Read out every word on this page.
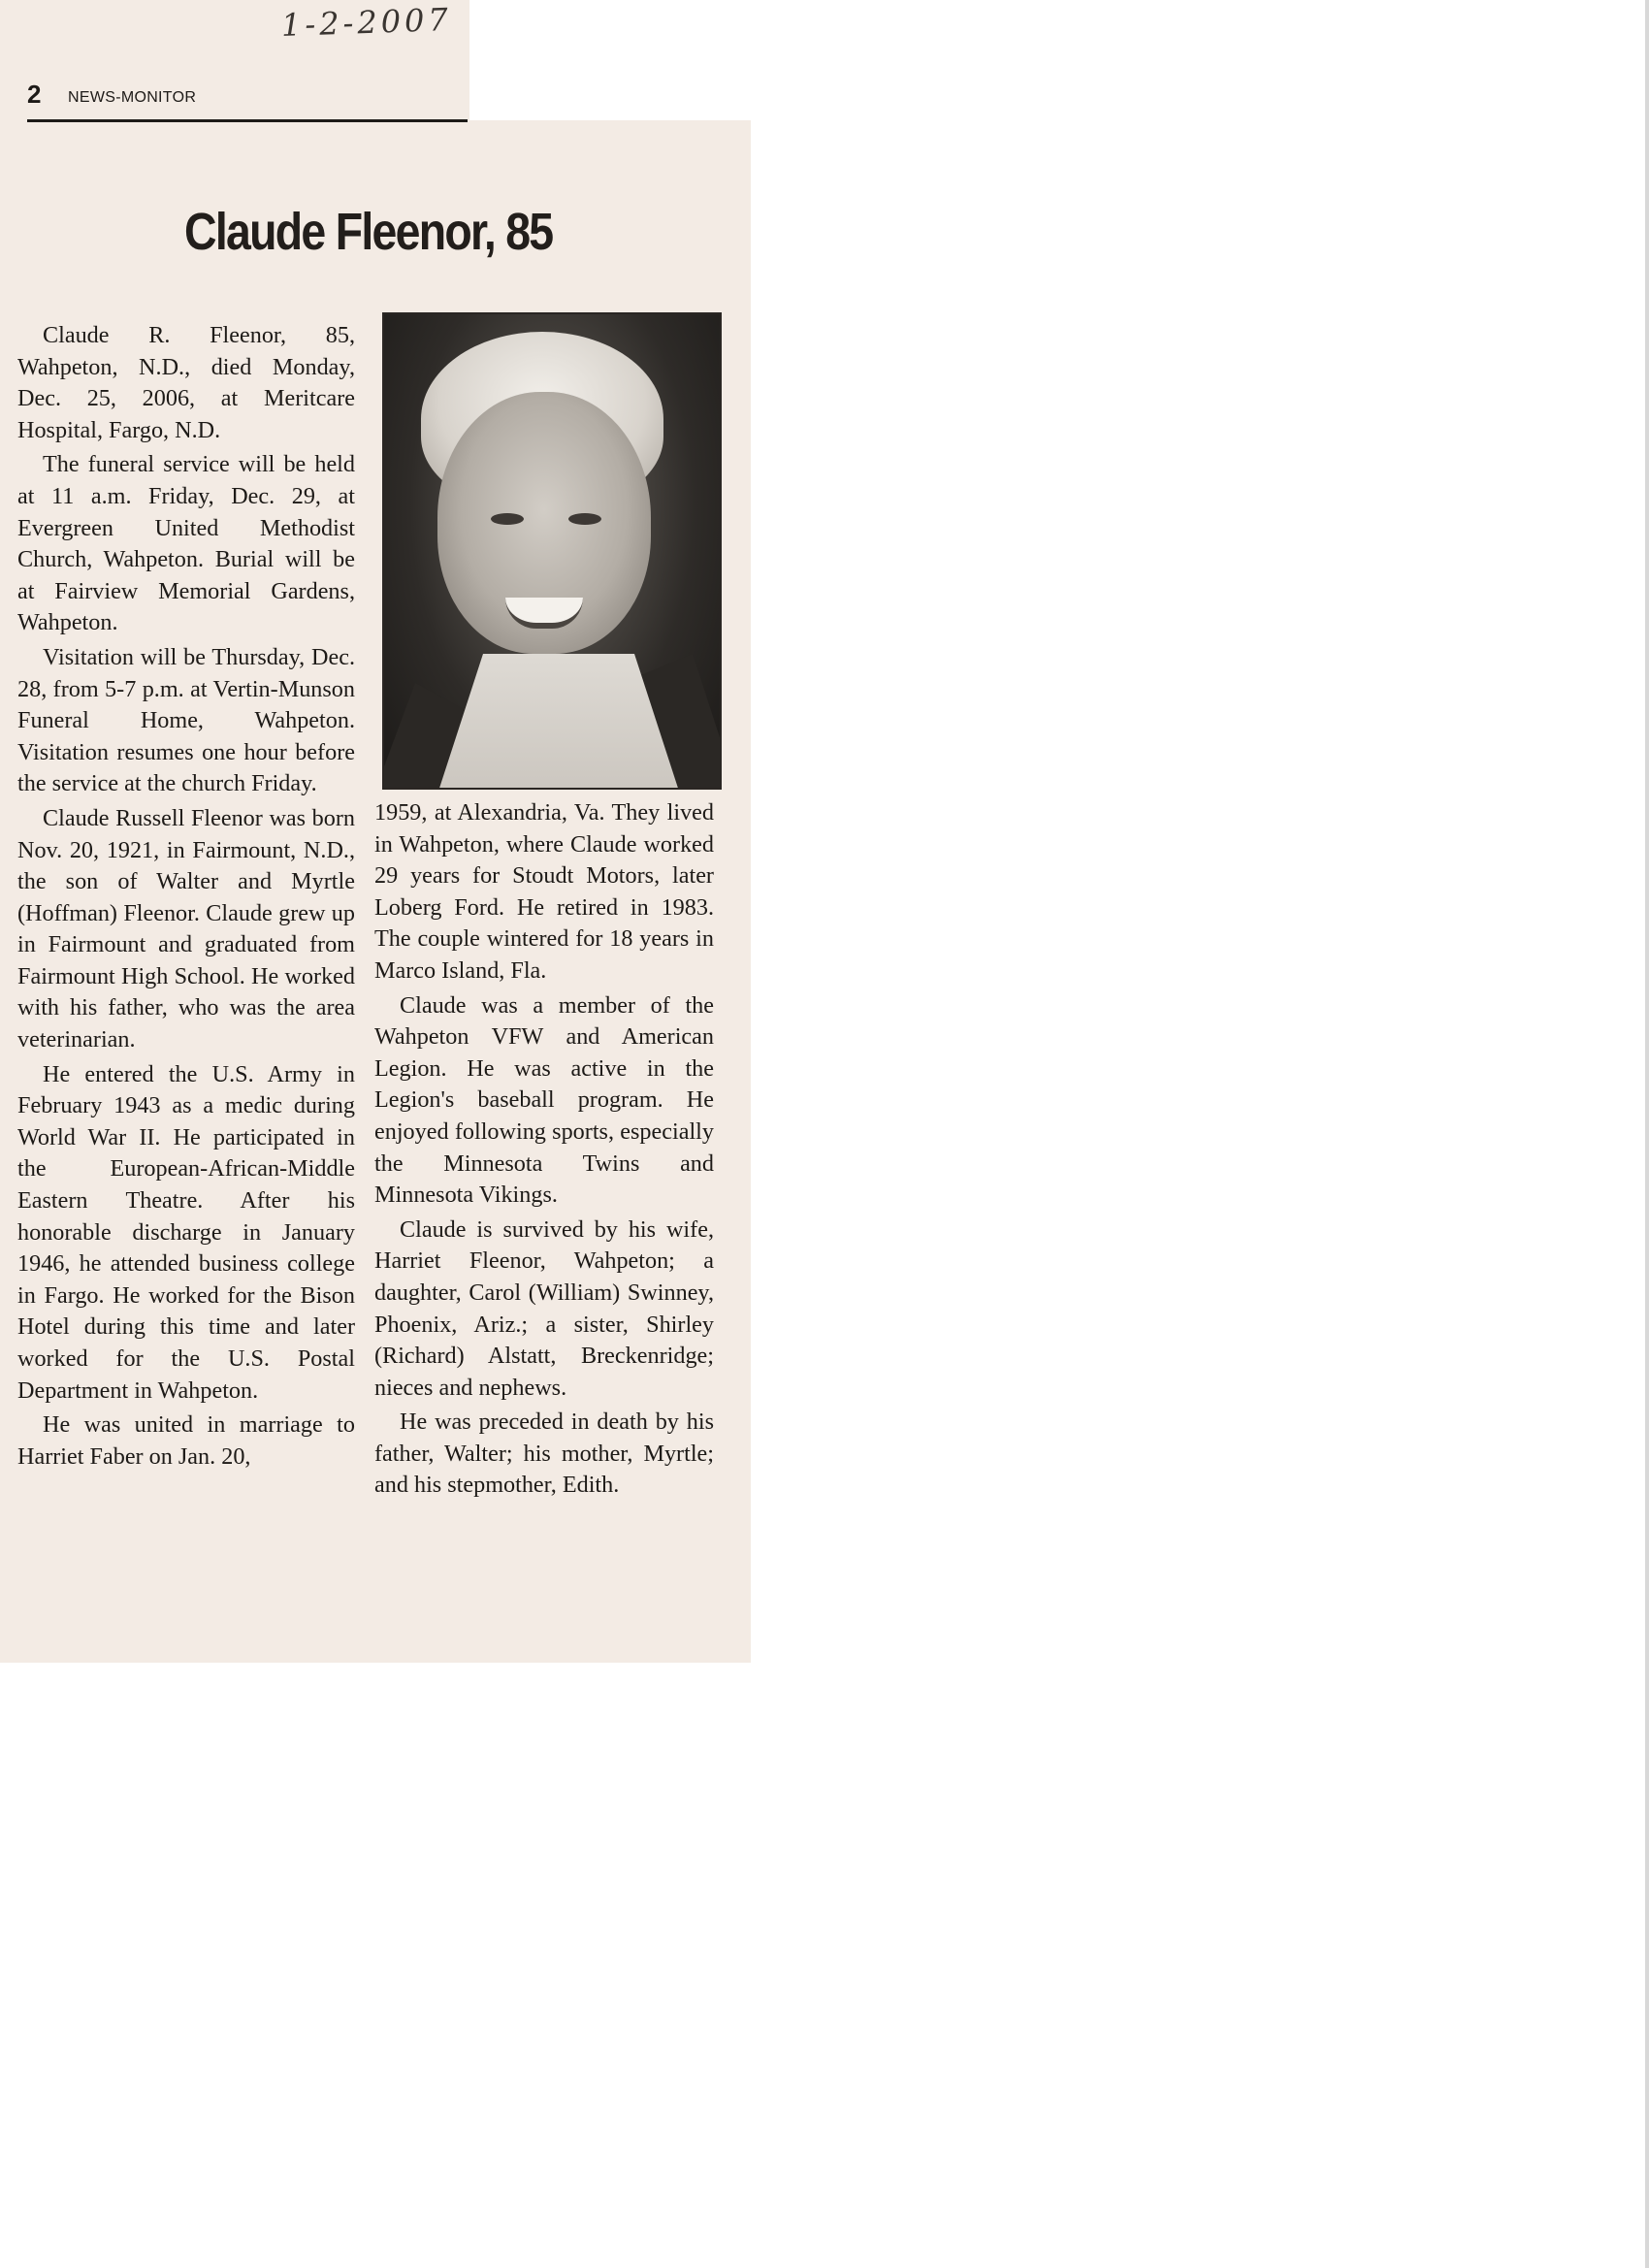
1-2-2007
2 NEWS-MONITOR
Claude Fleenor, 85

Claude R. Fleenor, 85, Wahpeton, N.D., died Monday, Dec. 25, 2006, at Meritcare Hospital, Fargo, N.D.

The funeral service will be held at 11 a.m. Friday, Dec. 29, at Evergreen United Methodist Church, Wahpeton. Burial will be at Fairview Memorial Gardens, Wahpeton.

Visitation will be Thursday, Dec. 28, from 5-7 p.m. at Vertin-Munson Funeral Home, Wahpeton. Visitation resumes one hour before the service at the church Friday.

Claude Russell Fleenor was born Nov. 20, 1921, in Fairmount, N.D., the son of Walter and Myrtle (Hoffman) Fleenor. Claude grew up in Fairmount and graduated from Fairmount High School. He worked with his father, who was the area veterinarian.

He entered the U.S. Army in February 1943 as a medic during World War II. He participated in the European-African-Middle Eastern Theatre. After his honorable discharge in January 1946, he attended business college in Fargo. He worked for the Bison Hotel during this time and later worked for the U.S. Postal Department in Wahpeton.

He was united in marriage to Harriet Faber on Jan. 20,

1959, at Alexandria, Va. They lived in Wahpeton, where Claude worked 29 years for Stoudt Motors, later Loberg Ford. He retired in 1983. The couple wintered for 18 years in Marco Island, Fla.

Claude was a member of the Wahpeton VFW and American Legion. He was active in the Legion's baseball program. He enjoyed following sports, especially the Minnesota Twins and Minnesota Vikings.

Claude is survived by his wife, Harriet Fleenor, Wahpeton; a daughter, Carol (William) Swinney, Phoenix, Ariz.; a sister, Shirley (Richard) Alstatt, Breckenridge; nieces and nephews.

He was preceded in death by his father, Walter; his mother, Myrtle; and his stepmother, Edith.
